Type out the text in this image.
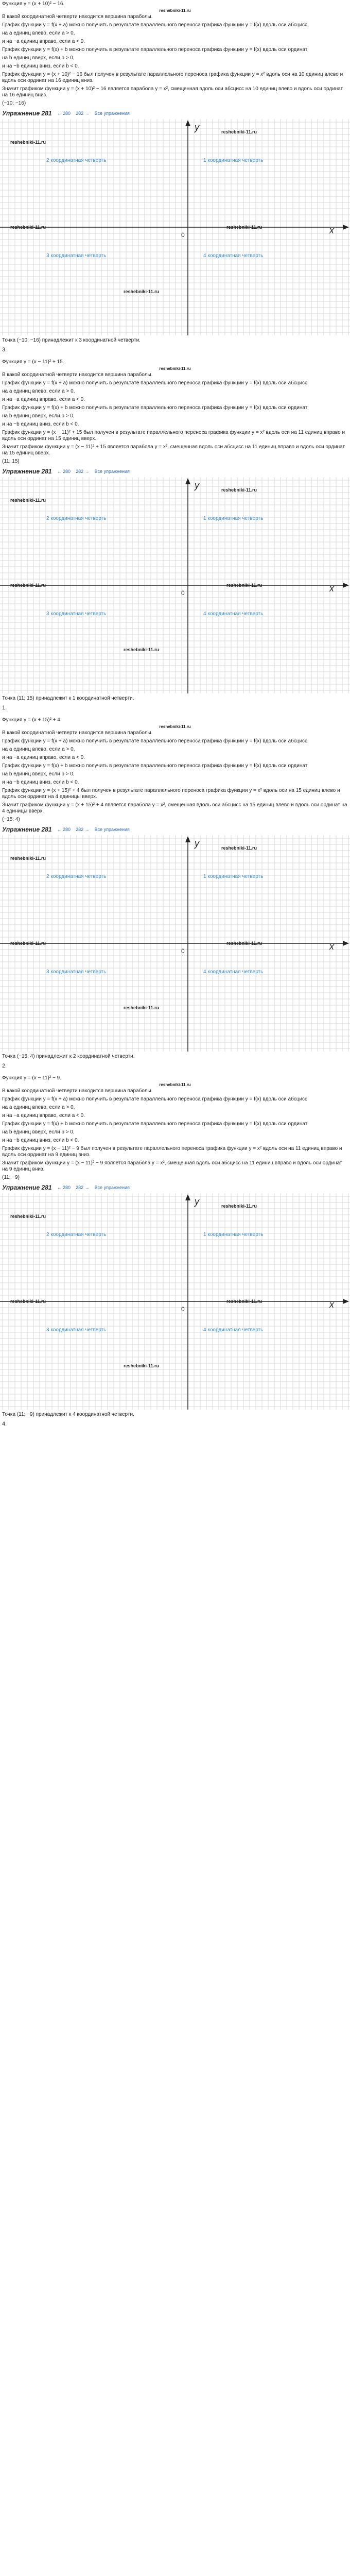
Функция y = (x + 10)² − 16.
reshebniki-11.ru
В какой координатной четверти находится вершина параболы.
График функции y = f(x + a) можно получить в результате параллельного переноса графика функции y = f(x) вдоль оси абсцисс
на a единиц влево, если a > 0,
и на −a единиц вправо, если a < 0.
График функции y = f(x) + b можно получить в результате параллельного переноса графика функции y = f(x) вдоль оси ординат
на b единиц вверх, если b > 0,
и на −b единиц вниз, если b < 0.
График функции y = (x + 10)² − 16 был получен в результате параллельного переноса графика функции y = x² вдоль оси на 10 единиц влево и вдоль оси ординат на 16 единиц вниз.
Значит графиком функции y = (x + 10)² − 16 является парабола y = x², смещенная вдоль оси абсцисс на 10 единиц влево и вдоль оси ординат на 16 единиц вниз.
(−10; −16)
Упражнение 281 ← 280 282 → Все упражнения
2 координатная четверть	1 координатная четверть
3 координатная четверть	4 координатная четверть
y
x
0
reshebniki-11.ru
reshebniki-11.ru
reshebniki-11.ru
reshebniki-11.ru
reshebniki-11.ru
Точка (−10; −16) принадлежит к 3 координатной четверти.
3.
Функция y = (x − 11)² + 15.
reshebniki-11.ru
В какой координатной четверти находится вершина параболы.
График функции y = f(x + a) можно получить в результате параллельного переноса графика функции y = f(x) вдоль оси абсцисс
на a единиц влево, если a > 0,
и на −a единиц вправо, если a < 0.
График функции y = f(x) + b можно получить в результате параллельного переноса графика функции y = f(x) вдоль оси ординат
на b единиц вверх, если b > 0,
и на −b единиц вниз, если b < 0.
График функции y = (x − 11)² + 15 был получен в результате параллельного переноса графика функции y = x² вдоль оси на 11 единиц вправо и вдоль оси ординат на 15 единиц вверх.
Значит графиком функции y = (x − 11)² + 15 является парабола y = x², смещенная вдоль оси абсцисс на 11 единиц вправо и вдоль оси ординат на 15 единиц вверх.
(11; 15)
Упражнение 281 ← 280 282 → Все упражнения
2 координатная четверть	1 координатная четверть
3 координатная четверть	4 координатная четверть
y
x
0
reshebniki-11.ru
reshebniki-11.ru
reshebniki-11.ru
reshebniki-11.ru
reshebniki-11.ru
Точка (11; 15) принадлежит к 1 координатной четверти.
1.
Функция y = (x + 15)² + 4.
reshebniki-11.ru
В какой координатной четверти находится вершина параболы.
График функции y = f(x + a) можно получить в результате параллельного переноса графика функции y = f(x) вдоль оси абсцисс
на a единиц влево, если a > 0,
и на −a единиц вправо, если a < 0.
График функции y = f(x) + b можно получить в результате параллельного переноса графика функции y = f(x) вдоль оси ординат
на b единиц вверх, если b > 0,
и на −b единиц вниз, если b < 0.
График функции y = (x + 15)² + 4 был получен в результате параллельного переноса графика функции y = x² вдоль оси на 15 единиц влево и вдоль оси ординат на 4 единицы вверх.
Значит графиком функции y = (x + 15)² + 4 является парабола y = x², смещенная вдоль оси абсцисс на 15 единиц влево и вдоль оси ординат на 4 единицы вверх.
(−15; 4)
Упражнение 281 ← 280 282 → Все упражнения
2 координатная четверть	1 координатная четверть
3 координатная четверть	4 координатная четверть
y
x
0
reshebniki-11.ru
reshebniki-11.ru
reshebniki-11.ru
reshebniki-11.ru
reshebniki-11.ru
Точка (−15; 4) принадлежит к 2 координатной четверти.
2.
Функция y = (x − 11)² − 9.
reshebniki-11.ru
В какой координатной четверти находится вершина параболы.
График функции y = f(x + a) можно получить в результате параллельного переноса графика функции y = f(x) вдоль оси абсцисс
на a единиц влево, если a > 0,
и на −a единиц вправо, если a < 0.
График функции y = f(x) + b можно получить в результате параллельного переноса графика функции y = f(x) вдоль оси ординат
на b единиц вверх, если b > 0,
и на −b единиц вниз, если b < 0.
График функции y = (x − 11)² − 9 был получен в результате параллельного переноса графика функции y = x² вдоль оси на 11 единиц вправо и вдоль оси ординат на 9 единиц вниз.
Значит графиком функции y = (x − 11)² − 9 является парабола y = x², смещенная вдоль оси абсцисс на 11 единиц вправо и вдоль оси ординат на 9 единиц вниз.
(11; −9)
Упражнение 281 ← 280 282 → Все упражнения
2 координатная четверть	1 координатная четверть
3 координатная четверть	4 координатная четверть
y
x
0
reshebniki-11.ru
reshebniki-11.ru
reshebniki-11.ru
reshebniki-11.ru
reshebniki-11.ru
Точка (11; −9) принадлежит к 4 координатной четверти.
4.
